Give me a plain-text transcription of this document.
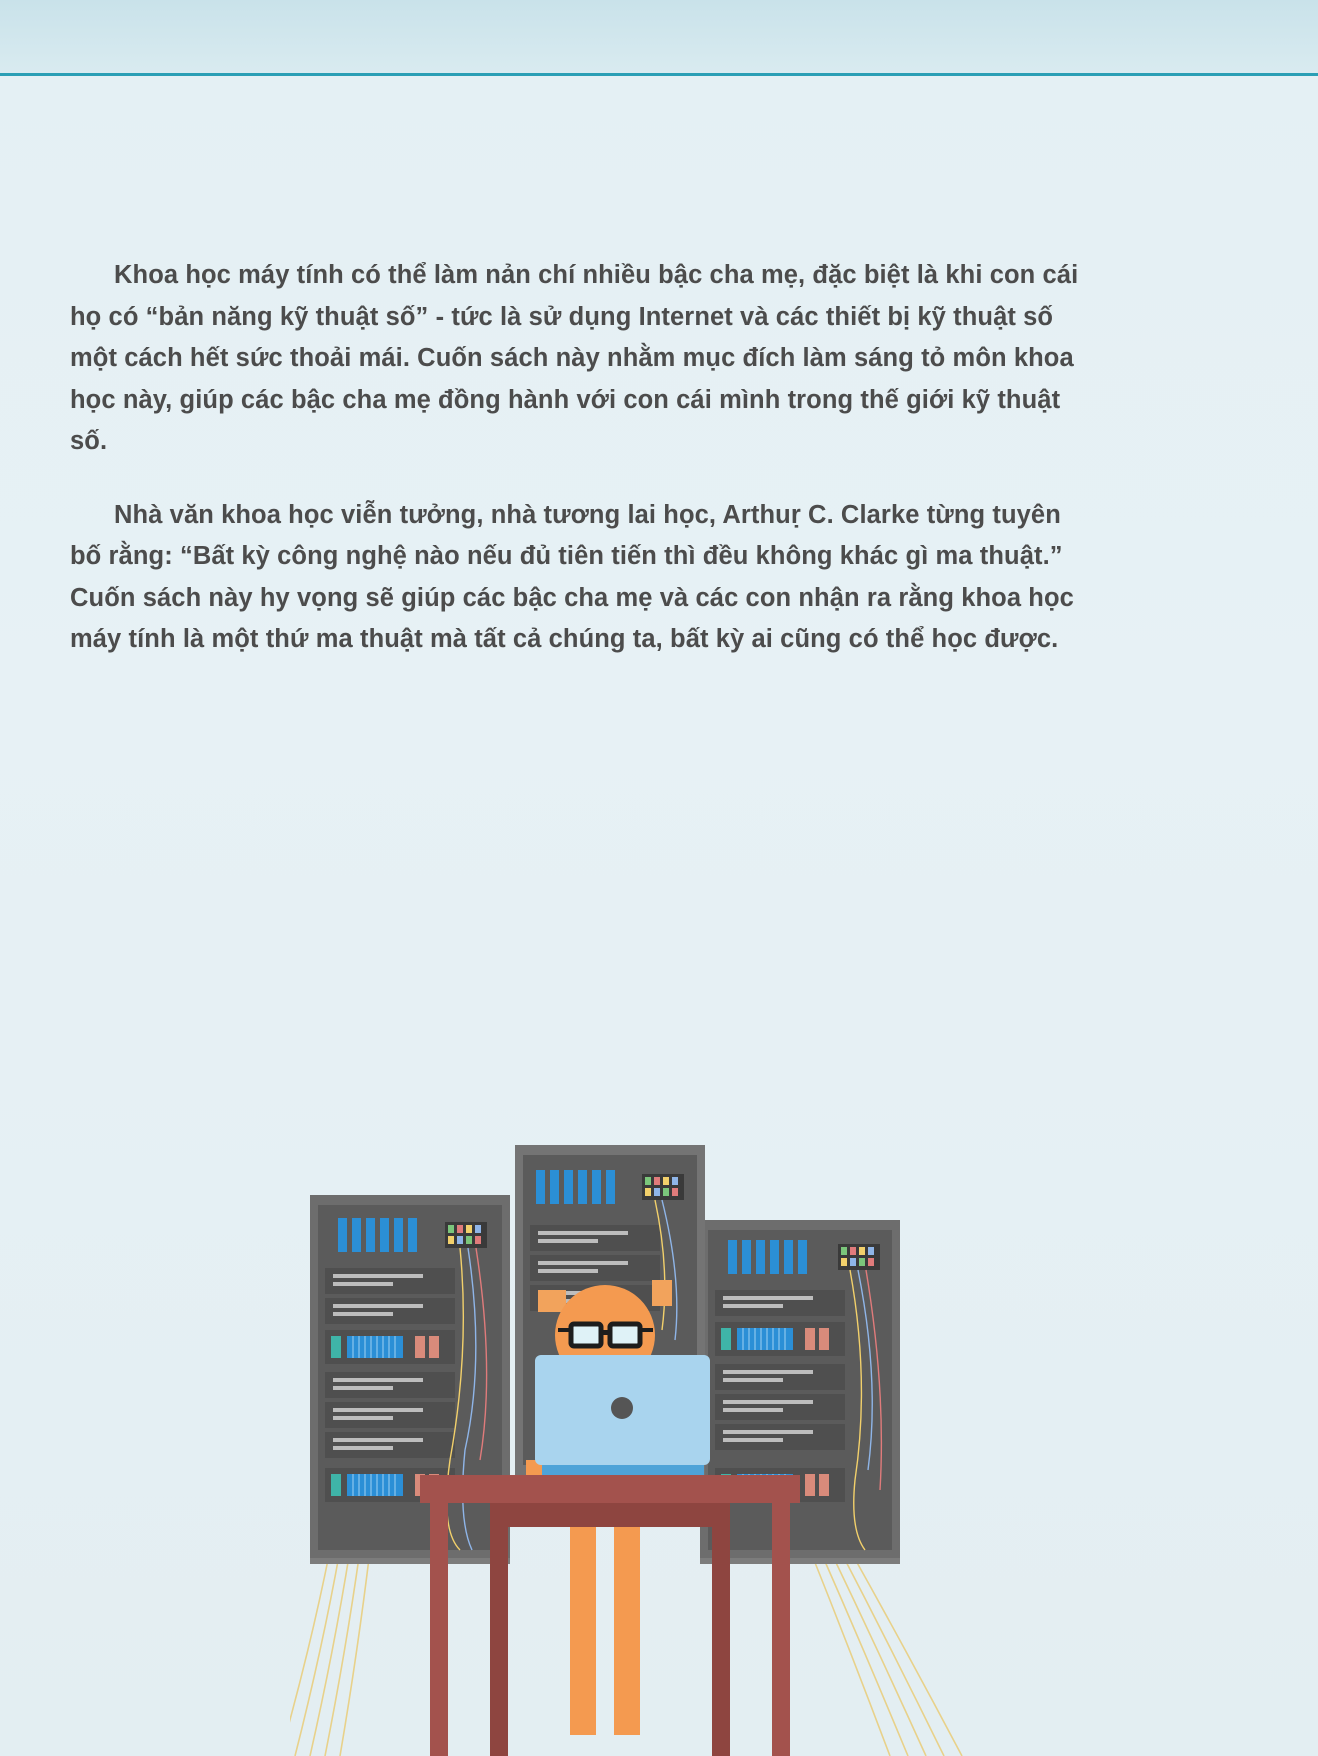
Khoa học máy tính có thể làm nản chí nhiều bậc cha mẹ, đặc biệt là khi con cái họ có “bản năng kỹ thuật số” - tức là sử dụng Internet và các thiết bị kỹ thuật số một cách hết sức thoải mái. Cuốn sách này nhằm mục đích làm sáng tỏ môn khoa học này, giúp các bậc cha mẹ đồng hành với con cái mình trong thế giới kỹ thuật số.

Nhà văn khoa học viễn tưởng, nhà tương lai học, Arthuṛ C. Clarke từng tuyên bố rằng: “Bất kỳ công nghệ nào nếu đủ tiên tiến thì đều không khác gì ma thuật.” Cuốn sách này hy vọng sẽ giúp các bậc cha mẹ và các con nhận ra rằng khoa học máy tính là một thứ ma thuật mà tất cả chúng ta, bất kỳ ai cũng có thể học được.
